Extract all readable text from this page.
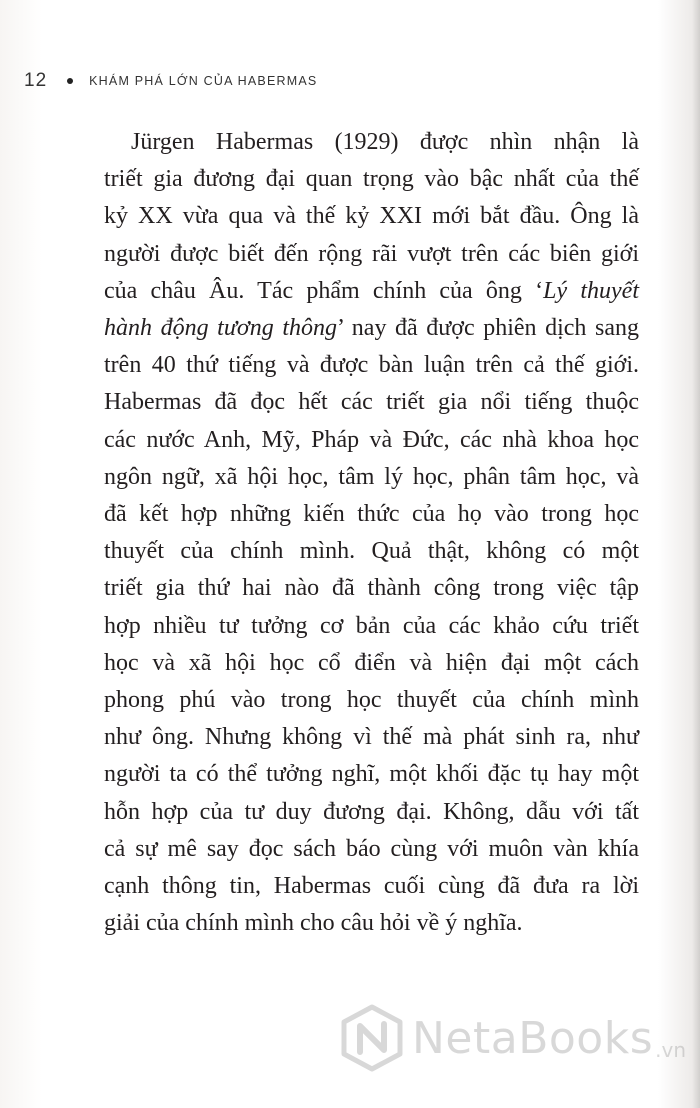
12	KHÁM PHÁ LỚN CỦA HABERMAS
Jürgen Habermas (1929) được nhìn nhận là
triết gia đương đại quan trọng vào bậc nhất của thế
kỷ XX vừa qua và thế kỷ XXI mới bắt đầu. Ông là
người được biết đến rộng rãi vượt trên các biên giới
của châu Âu. Tác phẩm chính của ông ‘Lý thuyết
hành động tương thông’ nay đã được phiên dịch sang
trên 40 thứ tiếng và được bàn luận trên cả thế giới.
Habermas đã đọc hết các triết gia nổi tiếng thuộc
các nước Anh, Mỹ, Pháp và Đức, các nhà khoa học
ngôn ngữ, xã hội học, tâm lý học, phân tâm học, và
đã kết hợp những kiến thức của họ vào trong học
thuyết của chính mình. Quả thật, không có một
triết gia thứ hai nào đã thành công trong việc tập
hợp nhiều tư tưởng cơ bản của các khảo cứu triết
học và xã hội học cổ điển và hiện đại một cách
phong phú vào trong học thuyết của chính mình
như ông. Nhưng không vì thế mà phát sinh ra, như
người ta có thể tưởng nghĩ, một khối đặc tụ hay một
hỗn hợp của tư duy đương đại. Không, dẫu với tất
cả sự mê say đọc sách báo cùng với muôn vàn khía
cạnh thông tin, Habermas cuối cùng đã đưa ra lời
giải của chính mình cho câu hỏi về ý nghĩa.
NetaBooks .vn
